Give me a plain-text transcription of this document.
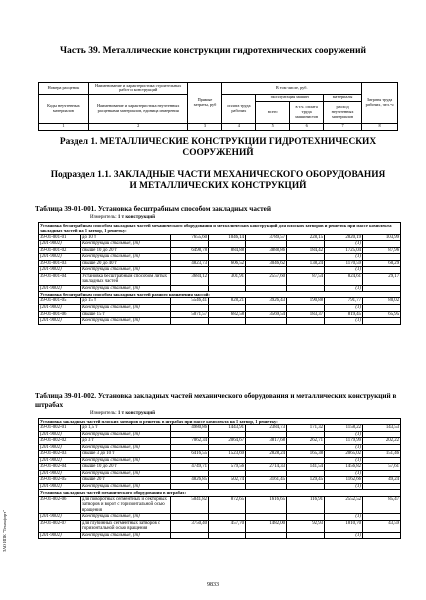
Часть 39. Металлические конструкции гидротехнических сооружений
Номера расценок	Наименование и характеристика строительных работ и конструкций	Прямые затраты, руб	В том числе, руб.				Затраты труда рабочих, чел.-ч
Коды неучтенных материалов	Наименование и характеристика неучтенных расценками материалов, единица измерения		оплата труда рабочих	эксплуатация машин		материалы	
				всего	в т.ч. оплата труда машинистов	расход неучтенных материалов	
1	2	3	4	5	6	7	8
Раздел 1. МЕТАЛЛИЧЕСКИЕ КОНСТРУКЦИИ ГИДРОТЕХНИЧЕСКИХ СООРУЖЕНИЙ
Подраздел 1.1. ЗАКЛАДНЫЕ ЧАСТИ МЕХАНИЧЕСКОГО ОБОРУДОВАНИЯ И МЕТАЛЛИЧЕСКИХ КОНСТРУКЦИЙ
Таблица 39-01-001. Установка бесштрабным способом закладных частей
Измеритель: 1 т конструкций
Установка бесштрабным способом закладных частей механического оборудования и металлических конструкций для плоских затворов и решеток при массе комплекта закладных частей на 1 затвор, 1 решетку:							
39-01-001-01	до 10 т	7655,60	1046,14	3789,57	228,15	2820,19	103,99
(201-9002)	Конструкции стальные, (т)					(1)	
39-01-001-02	свыше 10 до 20 т	6498,78	884,88	3888,86	184,42	1725,04	87,96
(201-9002)	Конструкции стальные, (т)					(1)	
39-01-001-03	свыше 20 до 40 т	4823,73	606,52	3046,62	138,24	1170,59	60,29
(201-9002)	Конструкции стальные, (т)					(1)	
39-01-001-04	Установка бесштрабным способом литых закладных частей	3684,12	301,91	2557,60	87,54	824,61	29,17
(201-9002)	Конструкции стальные, (т)					(1)	
Установка бесштрабным способом закладных частей разного назначения массой:							
39-01-001-05	до 15 т	5546,41	828,21	3926,43	190,88	791,77	80,02
(201-9002)	Конструкции стальные, (т)					(1)	
39-01-001-06	свыше 15 т	5071,57	682,58	3569,54	183,37	819,45	65,95
(201-9002)	Конструкции стальные, (т)					(1)	
Таблица 39-01-002. Установка закладных частей механического оборудования и металлических конструкций в штрабах
Измеритель: 1 т конструкций
Установка закладных частей плоских затворов и решеток в штрабах при массе комплекта на 1 затвор, 1 решетку:							
39-01-002-01	до 1,5 т	4980,86	1443,91	2384,73	171,32	1158,22	143,53
(201-9002)	Конструкции стальные, (т)					(1)	
39-01-002-02	до 3 т	7062,34	2064,67	3817,68	262,71	1179,99	202,22
(201-9002)	Конструкции стальные, (т)					(1)	
39-01-002-03	свыше 3 до 10 т	6416,55	1523,69	2828,24	165,38	2065,02	151,46
(201-9002)	Конструкции стальные, (т)					(1)	
39-01-002-04	свыше 10 до 20 т	4749,71	579,56	2714,33	141,54	1456,82	57,61
(201-9002)	Конструкции стальные, (т)					(1)	
39-01-002-05	свыше 20 т	4826,85	502,74	3161,45	129,45	1162,66	49,24
(201-9002)	Конструкции стальные, (т)					(1)	
Установка закладных частей механического оборудования в штрабах:							
39-01-002-06	для поворотных сегментных и секторных затворов и ворот с горизонтальной осью вращения	5041,82	872,65	1616,65	116,91	2552,52	85,47
(201-9002)	Конструкции стальные, (т)					(1)	
39-01-002-07	для глубинных сегментных затворов с горизонтальной осью вращения	3750,40	457,70	1482,00	92,93	1810,70	43,59
(201-9002)	Конструкции стальные, (т)					(1)	
9833
ЗАО ИПК "Техинфорт"
